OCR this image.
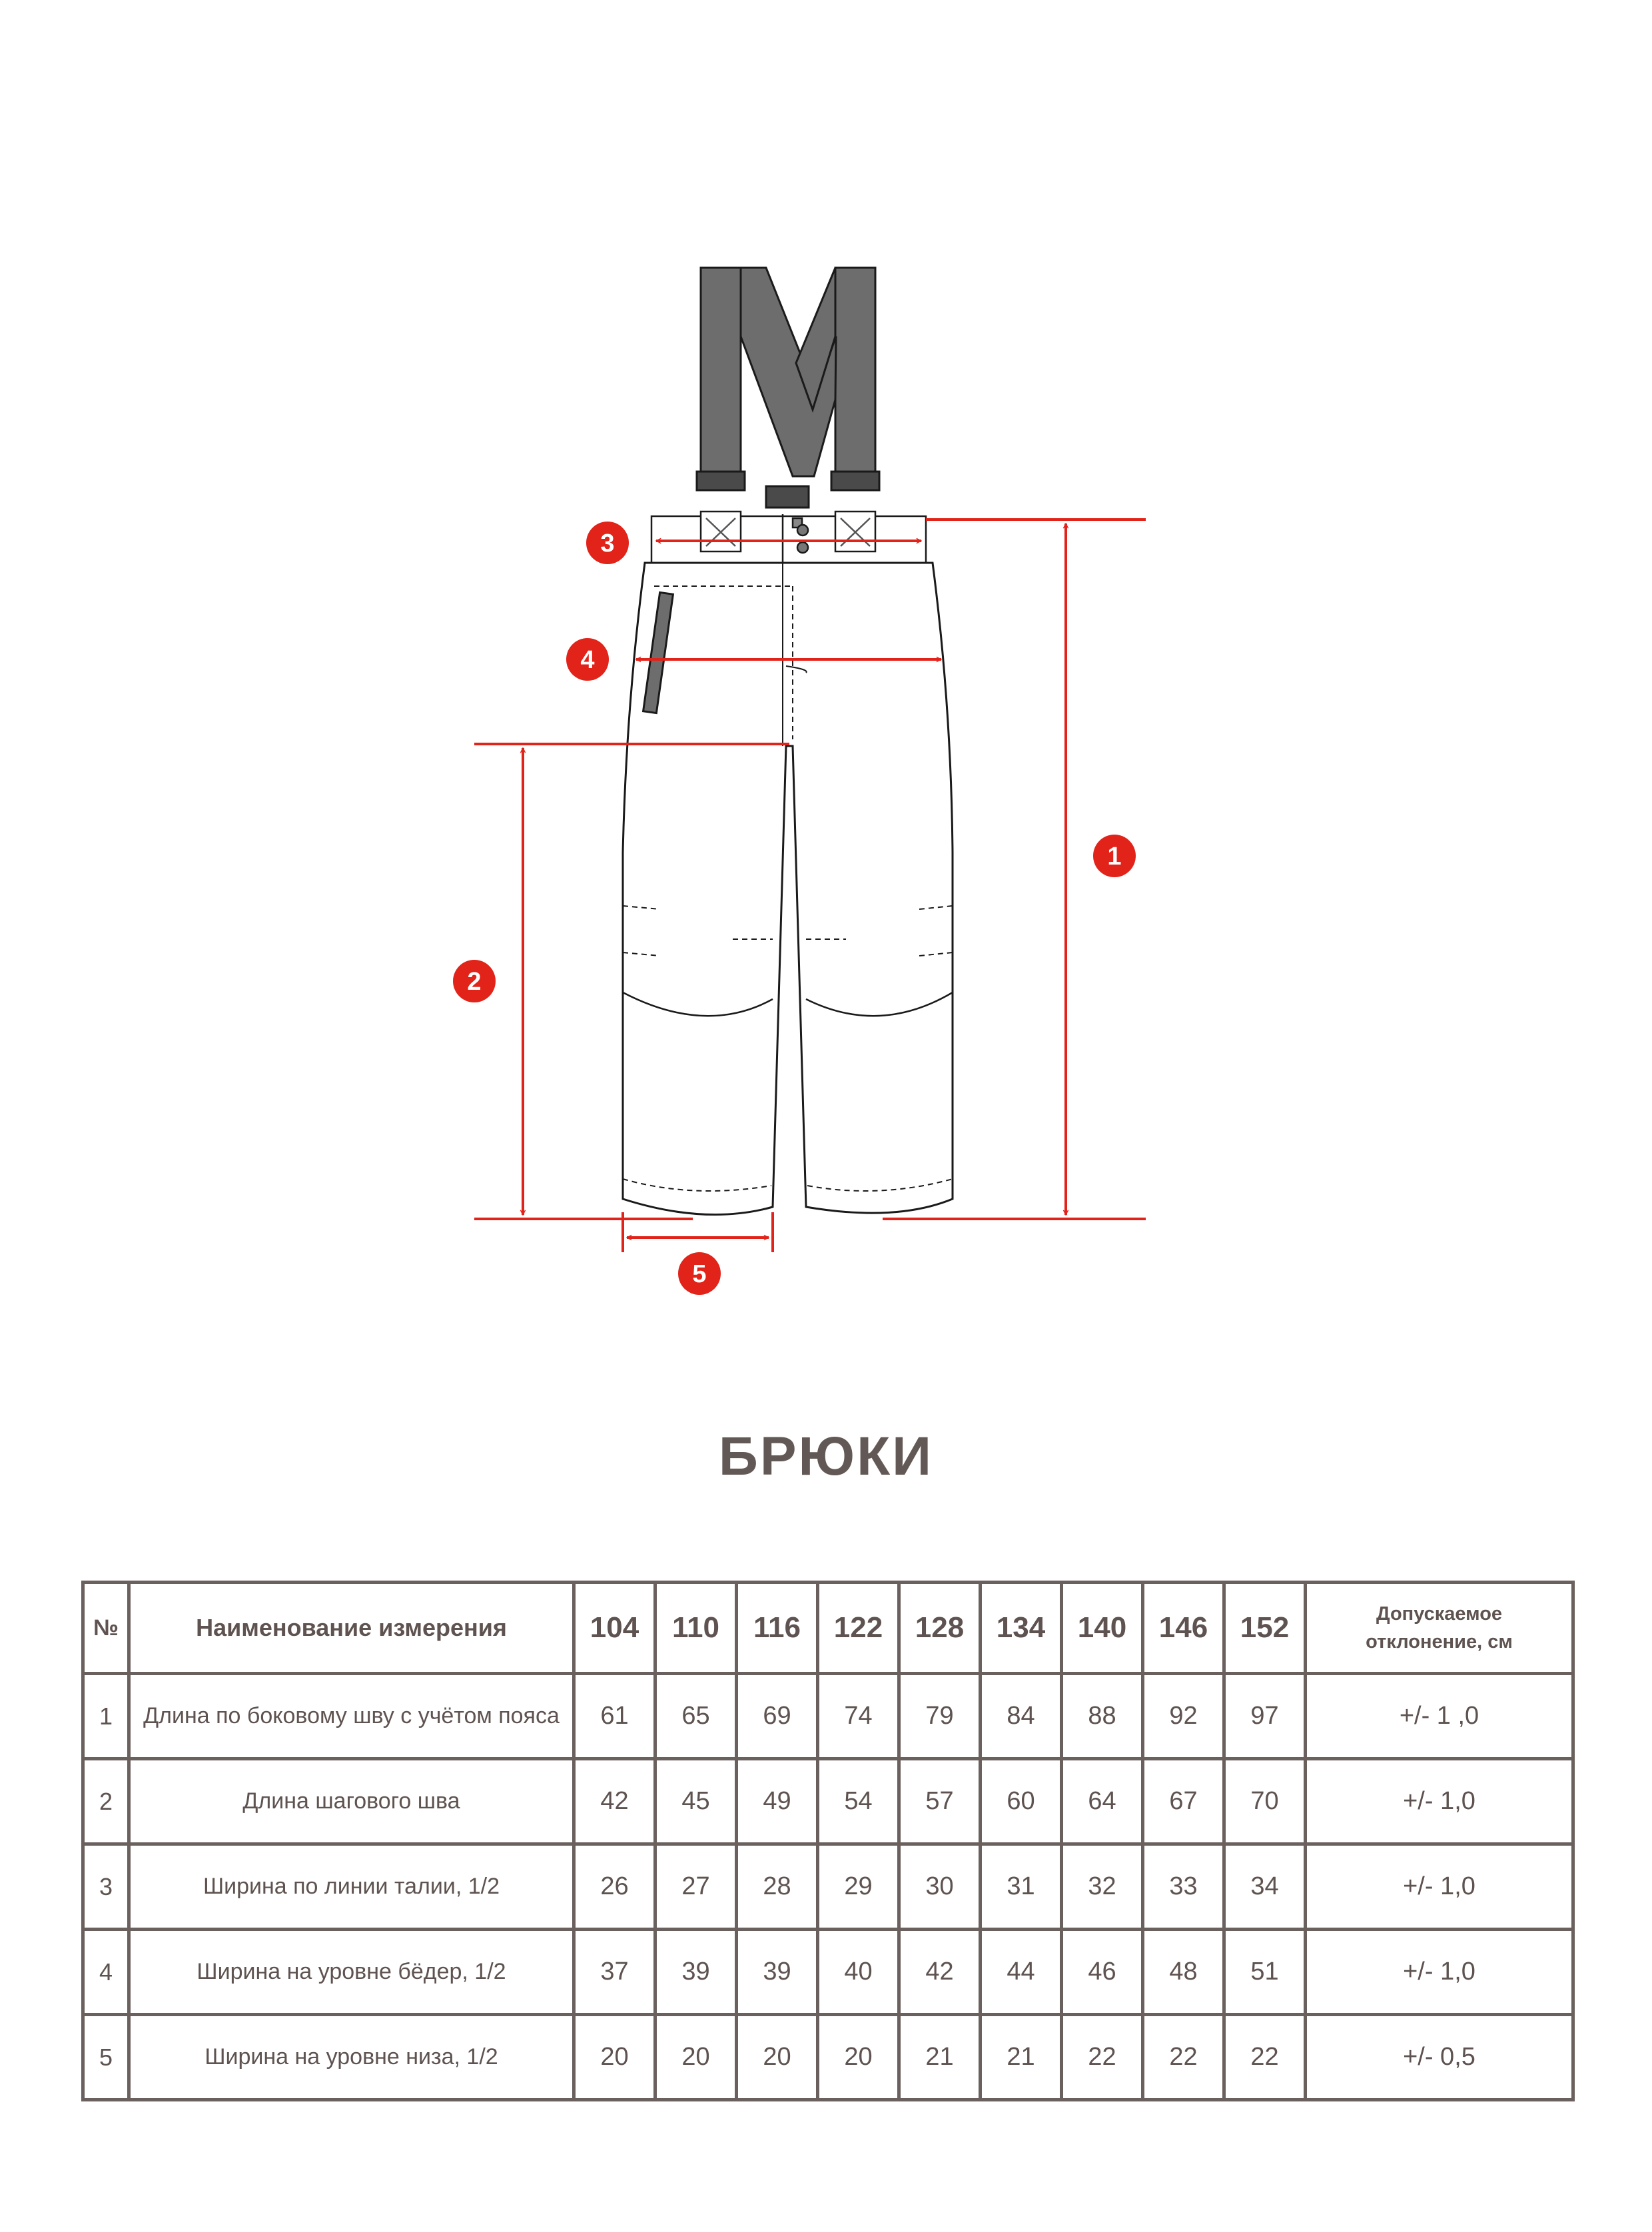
1
2
3
4
5
БРЮКИ
№	Наименование измерения	104	110	116	122	128	134	140	146	152	Допускаемое
отклонение, см
1	Длина по боковому шву с учётом пояса	61	65	69	74	79	84	88	92	97	+/- 1 ,0
2	Длина шагового шва	42	45	49	54	57	60	64	67	70	+/- 1,0
3	Ширина по линии талии, 1/2	26	27	28	29	30	31	32	33	34	+/- 1,0
4	Ширина на уровне бёдер, 1/2	37	39	39	40	42	44	46	48	51	+/- 1,0
5	Ширина на уровне низа, 1/2	20	20	20	20	21	21	22	22	22	+/- 0,5
